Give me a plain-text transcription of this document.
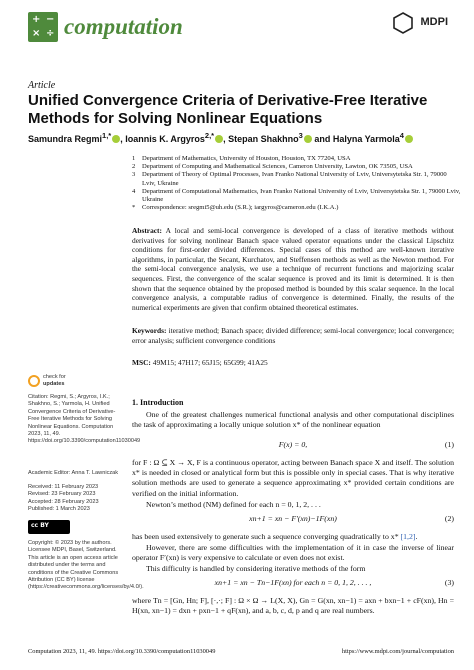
+ −
× ÷ computation	MDPI
Article
Unified Convergence Criteria of Derivative-Free Iterative Methods for Solving Nonlinear Equations
Samundra Regmi$^{1,*}$ , Ioannis K. Argyros$^{2,*}$ , Stepan Shakhno$^3$ and Halyna Yarmola$^4$
1	Department of Mathematics, University of Houston, Houston, TX 77204, USA
2	Department of Computing and Mathematical Sciences, Cameron University, Lawton, OK 73505, USA
3	Department of Theory of Optimal Processes, Ivan Franko National University of Lviv, Universytetska Str. 1, 79000 Lviv, Ukraine
4	Department of Computational Mathematics, Ivan Franko National University of Lviv, Universytetska Str. 1, 79000 Lviv, Ukraine
*	Correspondence: sregmi5@uh.edu (S.R.); iargyros@cameron.edu (I.K.A.)
Abstract: A local and semi-local convergence is developed of a class of iterative methods without derivatives for solving nonlinear Banach space valued operator equations under the classical Lipschitz conditions for first-order divided differences. Special cases of this method are well-known iterative algorithms, in particular, the Secant, Kurchatov, and Steffensen methods as well as the Newton method. For the semi-local convergence analysis, we use a technique of recurrent functions and majorizing scalar sequences. First, the convergence of the scalar sequence is proved and its limit is determined. It is then shown that the sequence obtained by the proposed method is bounded by this scalar sequence. In the local convergence analysis, a computable radius of convergence is determined. Finally, the results of the numerical experiments are given that confirm obtained theoretical estimates.
Keywords: iterative method; Banach space; divided difference; semi-local convergence; local convergence; error analysis; sufficient convergence conditions
MSC: 49M15; 47H17; 65J15; 65G99; 41A25
check for
updates
Citation: Regmi, S.; Argyros, I.K.; Shakhno, S.; Yarmola, H. Unified Convergence Criteria of Derivative-Free Iterative Methods for Solving Nonlinear Equations. Computation 2023, 11, 49. https://doi.org/10.3390/computation11030049
Academic Editor: Anna T. Lawniczak
Received: 11 February 2023
Revised: 23 February 2023
Accepted: 28 February 2023
Published: 1 March 2023
cc BY
Copyright: © 2023 by the authors. Licensee MDPI, Basel, Switzerland. This article is an open access article distributed under the terms and conditions of the Creative Commons Attribution (CC BY) license (https://creativecommons.org/licenses/by/4.0/).
1. Introduction
One of the greatest challenges numerical functional analysis and other computational disciplines the task of approximating a locally unique solution x* of the nonlinear equation
F(x) = 0,	(1)
for F : Ω ⊆ X → X, F is a continuous operator, acting between Banach space X and itself. The solution x* is needed in closed or analytical form but this is possible only in special cases. That is why iterative solution methods are used to generate a sequence approximating x* provided certain conditions are verified on the initial information.
Newton’s method (NM) defined for each n = 0, 1, 2, . . .
xn+1 = xn − F′(xn)−1F(xn)	(2)
has been used extensively to generate such a sequence converging quadratically to x* [1,2].
However, there are some difficulties with the implementation of it in case the inverse of linear operator F′(xn) is very expensive to calculate or even does not exist.
This difficulty is handled by considering iterative methods of the form
xn+1 = xn − Tn−1F(xn) for each n = 0, 1, 2, . . . ,	(3)
where Tn = [Gn, Hn; F], [·,·; F] : Ω × Ω → L(X, X), Gn = G(xn, xn−1) = axn + bxn−1 + cF(xn), Hn = H(xn, xn−1) = dxn + pxn−1 + qF(xn), and a, b, c, d, p and q are real numbers.
Computation 2023, 11, 49. https://doi.org/10.3390/computation11030049	https://www.mdpi.com/journal/computation
